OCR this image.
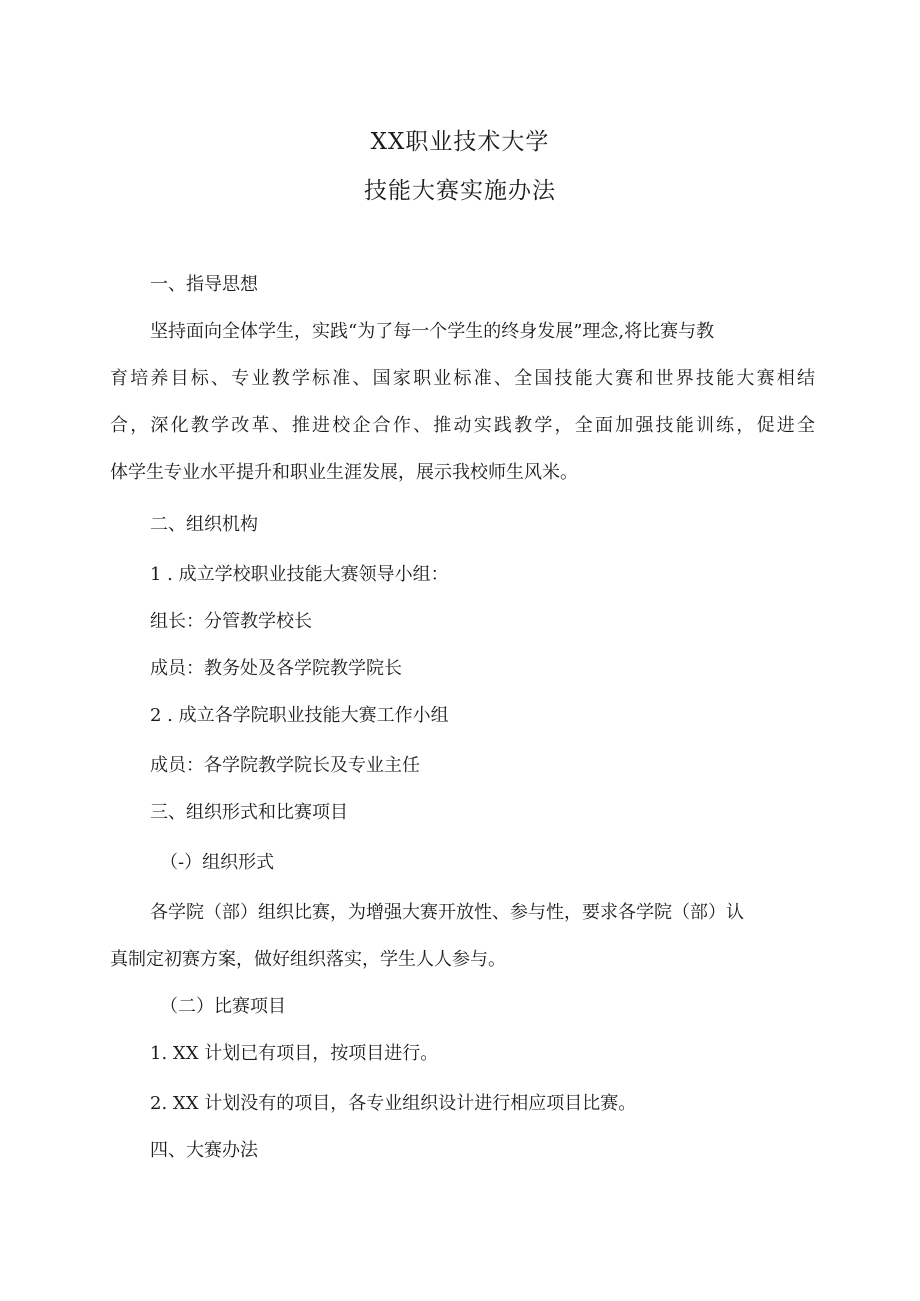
XX职业技术大学
技能大赛实施办法
一、指导思想
坚持面向全体学生，实践“为了每一个学生的终身发展”理念,将比赛与教
育培养目标、专业教学标准、国家职业标准、全国技能大赛和世界技能大赛相结
合，深化教学改革、推进校企合作、推动实践教学，全面加强技能训练，促进全
体学生专业水平提升和职业生涯发展，展示我校师生风米。
二、组织机构
1 . 成立学校职业技能大赛领导小组：
组长：分管教学校长
成员：教务处及各学院教学院长
2 . 成立各学院职业技能大赛工作小组
成员：各学院教学院长及专业主任
三、组织形式和比赛项目
（-）组织形式
各学院（部）组织比赛，为增强大赛开放性、参与性，要求各学院（部）认
真制定初赛方案，做好组织落实，学生人人参与。
（二）比赛项目
1. XX 计划已有项目，按项目进行。
2. XX 计划没有的项目，各专业组织设计进行相应项目比赛。
四、大赛办法
